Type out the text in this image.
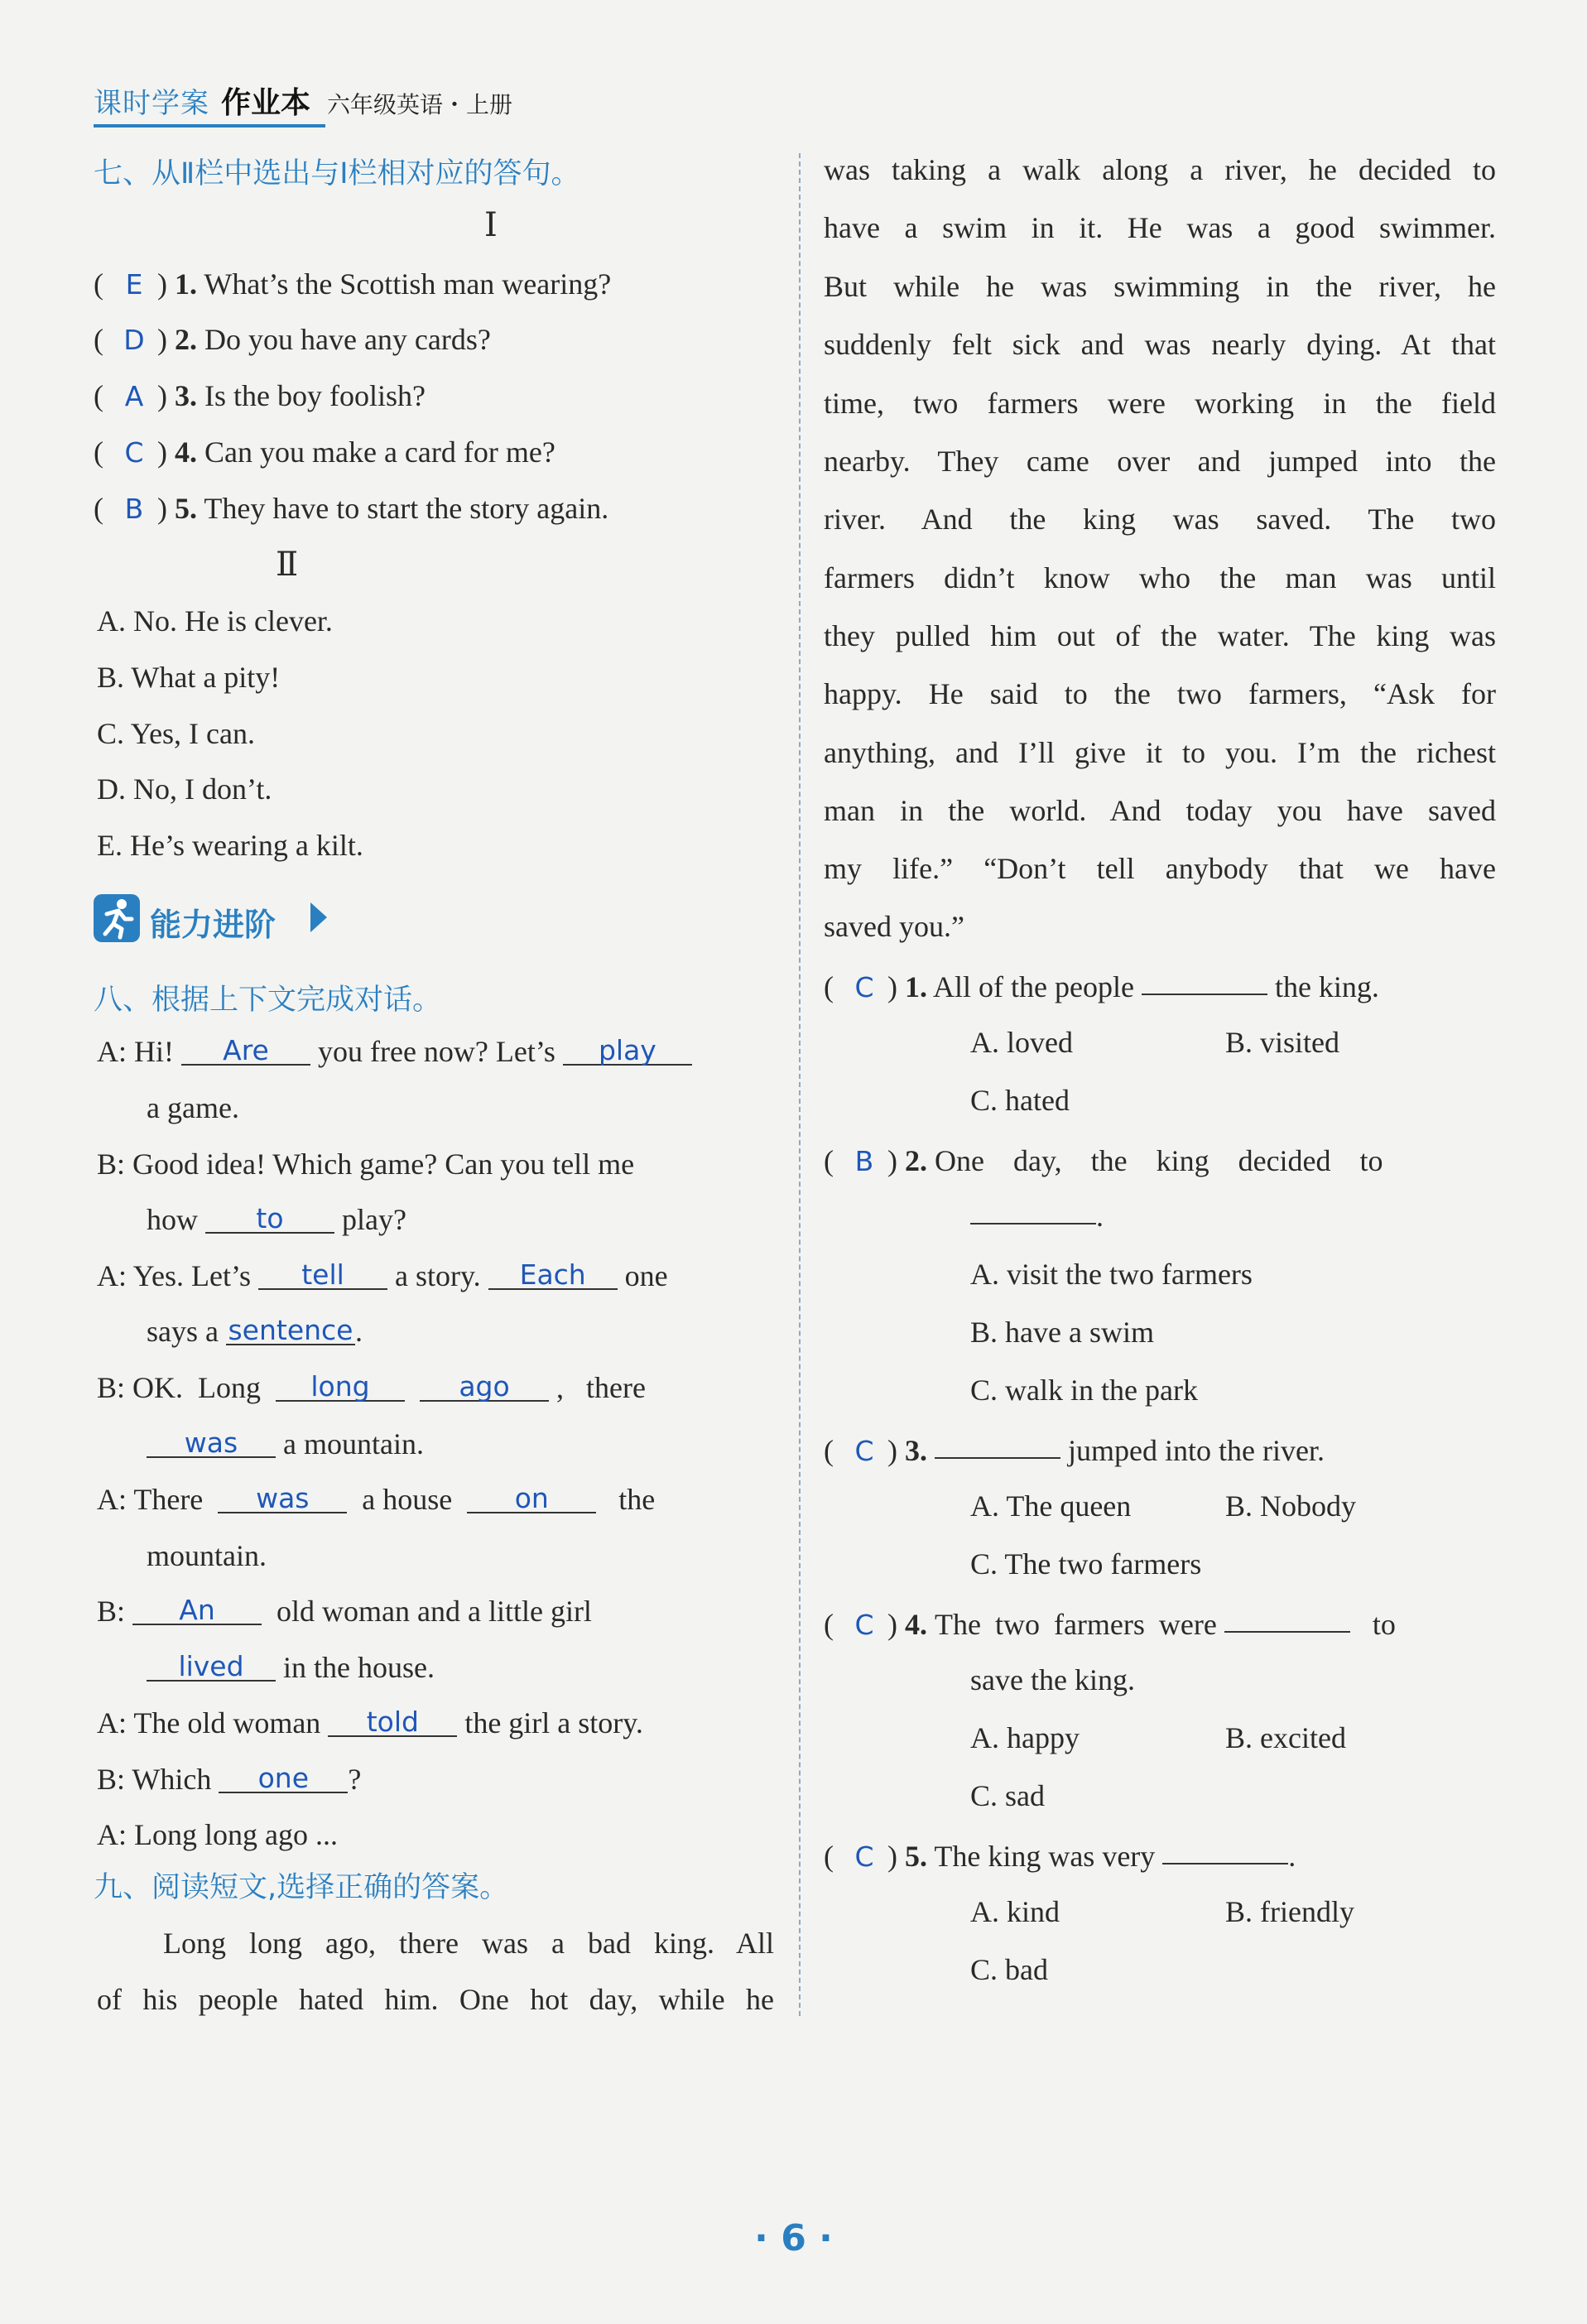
课时学案 作业本 六年级英语・上册
七、从Ⅱ栏中选出与Ⅰ栏相对应的答句。
Ⅰ
( E ) 1. What’s the Scottish man wearing?
( D ) 2. Do you have any cards?
( A ) 3. Is the boy foolish?
( C ) 4. Can you make a card for me?
( B ) 5. They have to start the story again.
Ⅱ
A. No. He is clever.
B. What a pity!
C. Yes, I can.
D. No, I don’t.
E. He’s wearing a kilt.
能力进阶
八、根据上下文完成对话。
A: Hi! Are you free now? Let’s play
a game.
B: Good idea! Which game? Can you tell me
how to play?
A: Yes. Let’s tell a story. Each one
says a sentence.
B: OK. Long long	ago , there
was a mountain.
A: There was a house on the
mountain.
B: An old woman and a little girl
lived in the house.
A: The old woman told the girl a story.
B: Which one ?
A: Long long ago ...
九、阅读短文,选择正确的答案。
Long long ago, there was a bad king. All
of his people hated him. One hot day, while he
was taking a walk along a river, he decided to
have a swim in it. He was a good swimmer.
But while he was swimming in the river, he
suddenly felt sick and was nearly dying. At that
time, two farmers were working in the field
nearby. They came over and jumped into the
river. And the king was saved. The two
farmers didn’t know who the man was until
they pulled him out of the water. The king was
happy. He said to the two farmers, “Ask for
anything, and I’ll give it to you. I’m the richest
man in the world. And today you have saved
my life.” “Don’t tell anybody that we have
saved you.”
( C ) 1. All of the people	the king.
A. loved	B. visited
C. hated
( B ) 2. One day, the king decided to
.
A. visit the two farmers
B. have a swim
C. walk in the park
( C ) 3.	jumped into the river.
A. The queen	B. Nobody
C. The two farmers
( C ) 4. The two farmers were	to
save the king.
A. happy	B. excited
C. sad
( C ) 5. The king was very	.
A. kind	B. friendly
C. bad
· 6 ·
